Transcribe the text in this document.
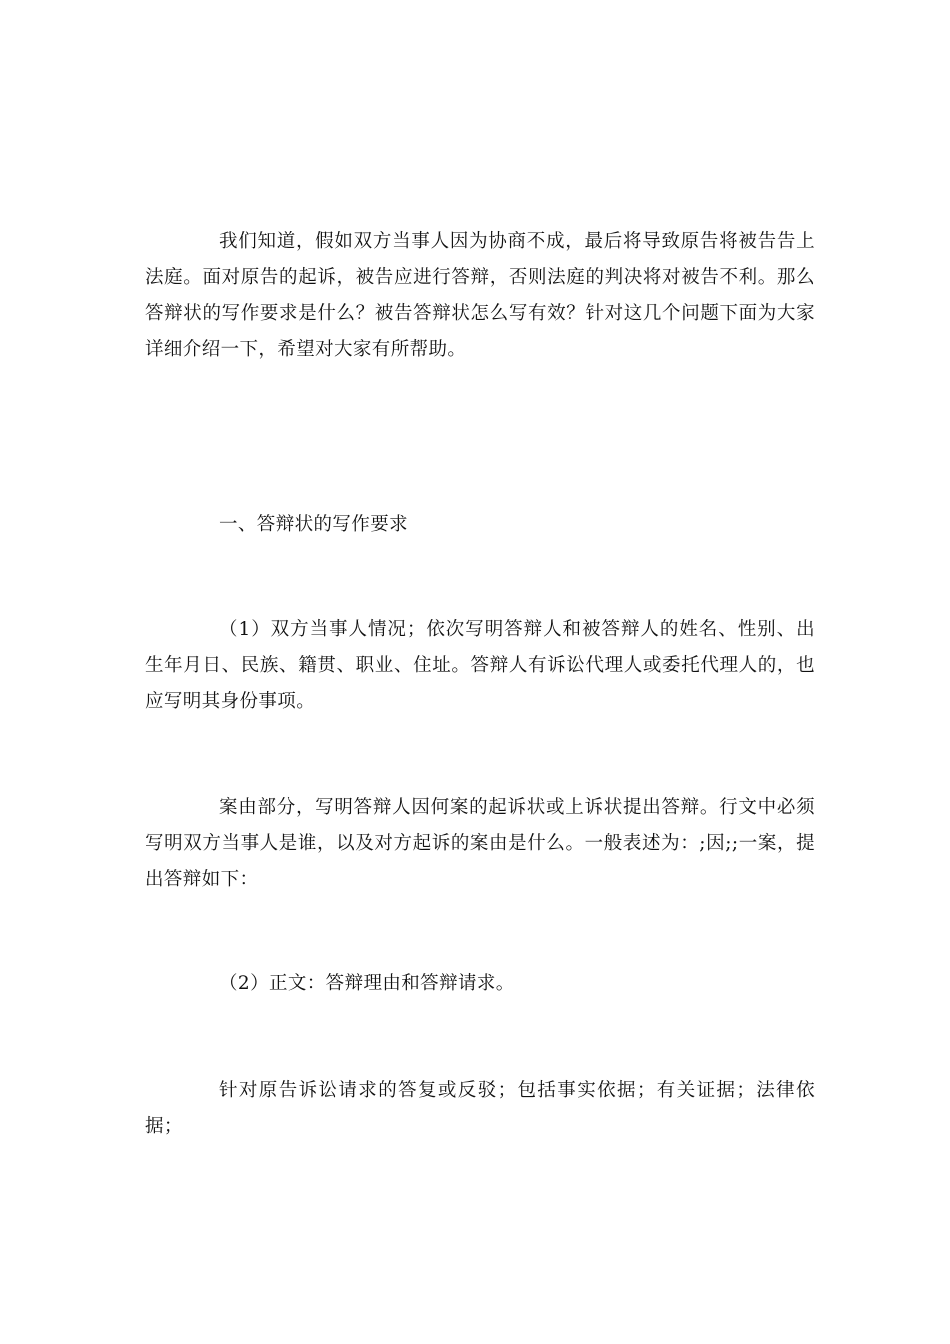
我们知道，假如双方当事人因为协商不成，最后将导致原告将被告告上法庭。面对原告的起诉，被告应进行答辩，否则法庭的判决将对被告不利。那么答辩状的写作要求是什么？被告答辩状怎么写有效？针对这几个问题下面为大家详细介绍一下，希望对大家有所帮助。

一、答辩状的写作要求

（1）双方当事人情况；依次写明答辩人和被答辩人的姓名、性别、出生年月日、民族、籍贯、职业、住址。答辩人有诉讼代理人或委托代理人的，也应写明其身份事项。

案由部分，写明答辩人因何案的起诉状或上诉状提出答辩。行文中必须写明双方当事人是谁，以及对方起诉的案由是什么。一般表述为：;因;;一案，提出答辩如下：

（2）正文：答辩理由和答辩请求。

针对原告诉讼请求的答复或反驳；包括事实依据；有关证据；法律依据；
